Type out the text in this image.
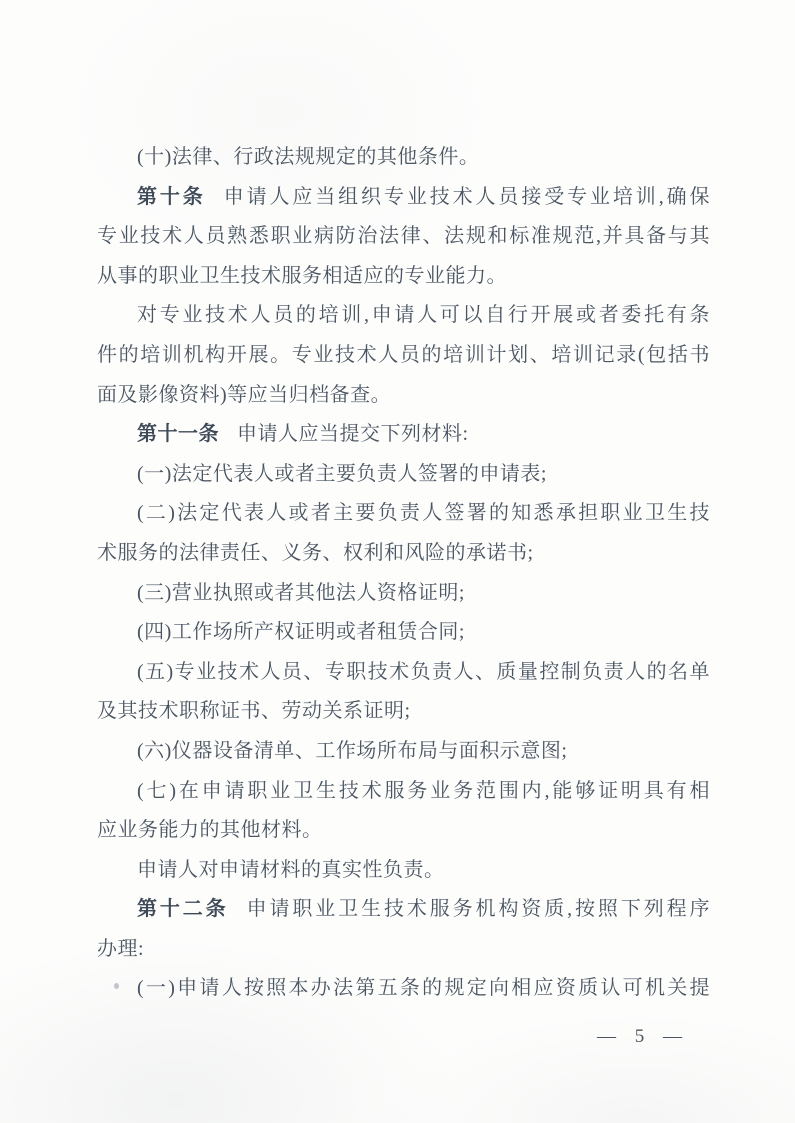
(十)法律、行政法规规定的其他条件。
第十条 申请人应当组织专业技术人员接受专业培训,确保
专业技术人员熟悉职业病防治法律、法规和标准规范,并具备与其
从事的职业卫生技术服务相适应的专业能力。
对专业技术人员的培训,申请人可以自行开展或者委托有条
件的培训机构开展。专业技术人员的培训计划、培训记录(包括书
面及影像资料)等应当归档备查。
第十一条 申请人应当提交下列材料:
(一)法定代表人或者主要负责人签署的申请表;
(二)法定代表人或者主要负责人签署的知悉承担职业卫生技
术服务的法律责任、义务、权利和风险的承诺书;
(三)营业执照或者其他法人资格证明;
(四)工作场所产权证明或者租赁合同;
(五)专业技术人员、专职技术负责人、质量控制负责人的名单
及其技术职称证书、劳动关系证明;
(六)仪器设备清单、工作场所布局与面积示意图;
(七)在申请职业卫生技术服务业务范围内,能够证明具有相
应业务能力的其他材料。
申请人对申请材料的真实性负责。
第十二条 申请职业卫生技术服务机构资质,按照下列程序
办理:
(一)申请人按照本办法第五条的规定向相应资质认可机关提
— 5 —
